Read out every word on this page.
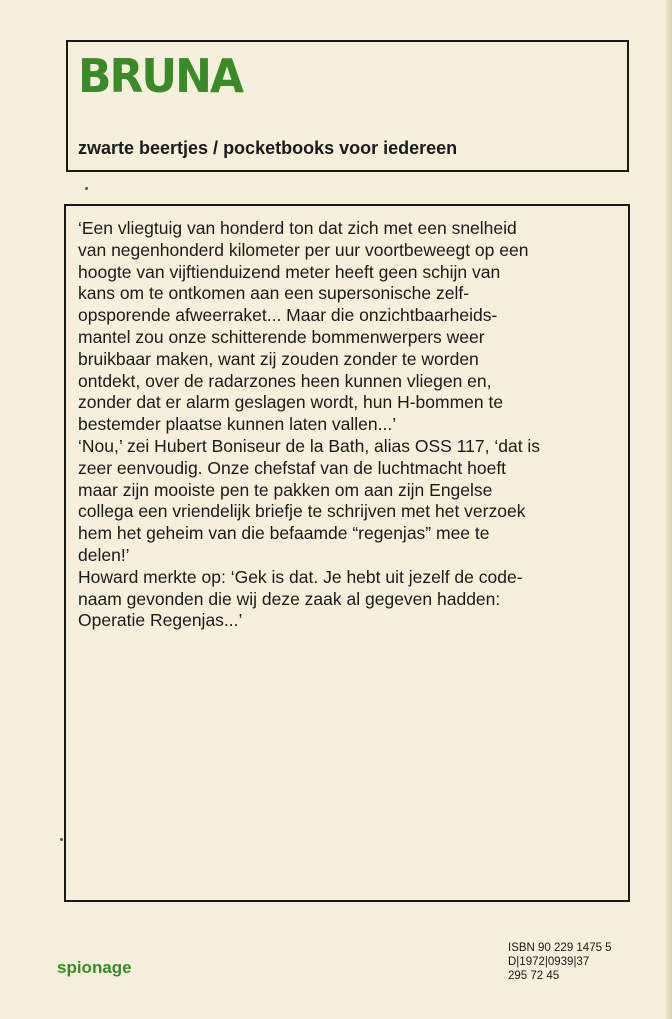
BRUNA
zwarte beertjes / pocketbooks voor iedereen
‘Een vliegtuig van honderd ton dat zich met een snelheid
van negenhonderd kilometer per uur voortbeweegt op een
hoogte van vijftienduizend meter heeft geen schijn van
kans om te ontkomen aan een supersonische zelf-
opsporende afweerraket... Maar die onzichtbaarheids-
mantel zou onze schitterende bommenwerpers weer
bruikbaar maken, want zij zouden zonder te worden
ontdekt, over de radarzones heen kunnen vliegen en,
zonder dat er alarm geslagen wordt, hun H-bommen te
bestemder plaatse kunnen laten vallen...’
‘Nou,’ zei Hubert Boniseur de la Bath, alias OSS 117, ‘dat is
zeer eenvoudig. Onze chefstaf van de luchtmacht hoeft
maar zijn mooiste pen te pakken om aan zijn Engelse
collega een vriendelijk briefje te schrijven met het verzoek
hem het geheim van die befaamde “regenjas” mee te
delen!’
Howard merkte op: ‘Gek is dat. Je hebt uit jezelf de code-
naam gevonden die wij deze zaak al gegeven hadden:
Operatie Regenjas...’
spionage
ISBN 90 229 1475 5
D|1972|0939|37
295 72 45
